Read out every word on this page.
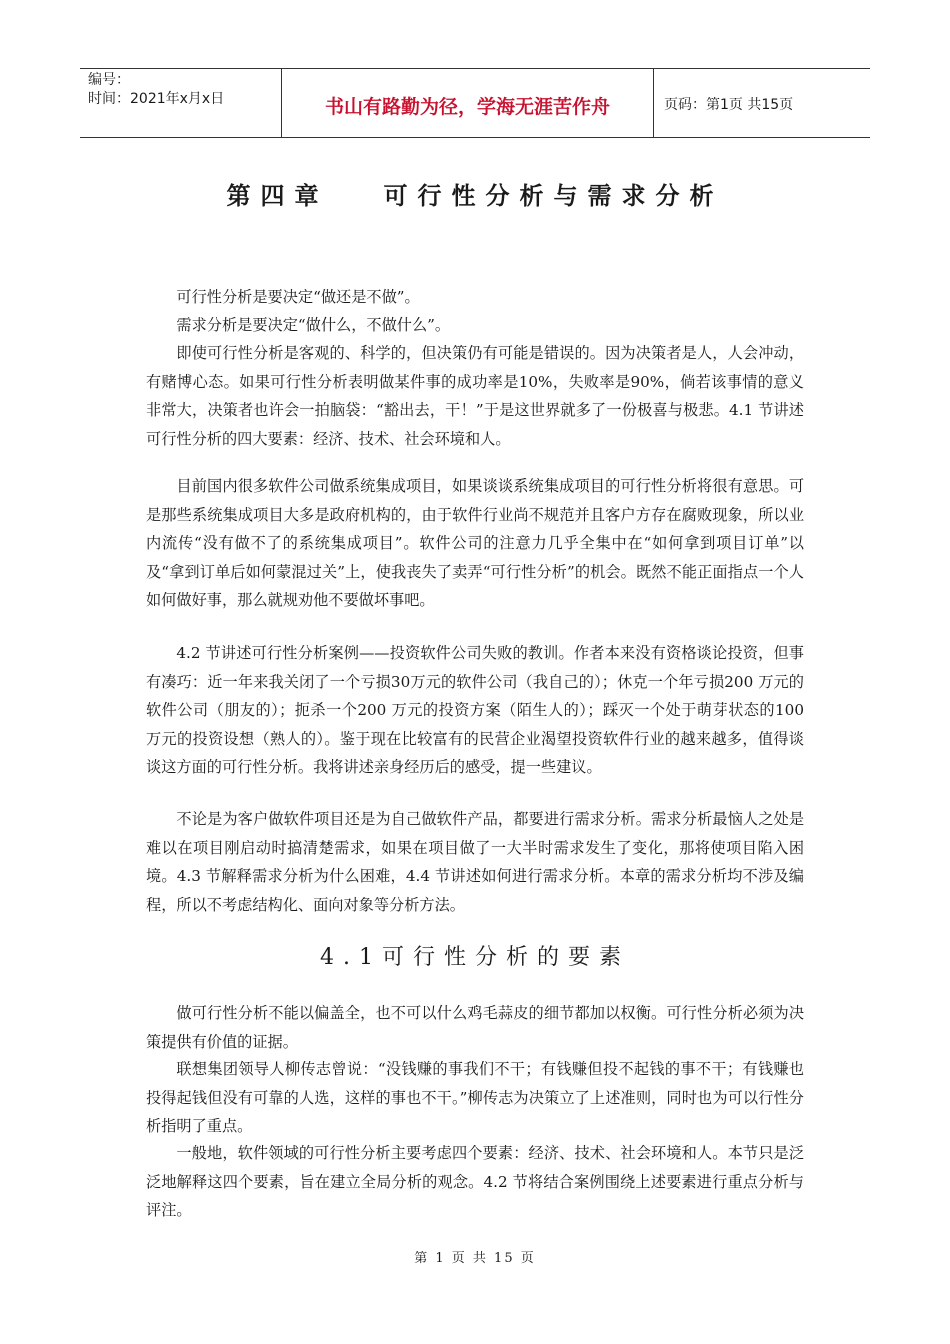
编号：
时间：2021年x月x日	书山有路勤为径，学海无涯苦作舟	页码：第1页 共15页
第四章   可行性分析与需求分析

可行性分析是要决定“做还是不做”。

需求分析是要决定“做什么，不做什么”。

即使可行性分析是客观的、科学的，但决策仍有可能是错误的。因为决策者是人，人会冲动，有赌博心态。如果可行性分析表明做某件事的成功率是10%，失败率是90%，倘若该事情的意义非常大，决策者也许会一拍脑袋：“豁出去，干！”于是这世界就多了一份极喜与极悲。4.1 节讲述可行性分析的四大要素：经济、技术、社会环境和人。

目前国内很多软件公司做系统集成项目，如果谈谈系统集成项目的可行性分析将很有意思。可是那些系统集成项目大多是政府机构的，由于软件行业尚不规范并且客户方存在腐败现象，所以业内流传“没有做不了的系统集成项目”。软件公司的注意力几乎全集中在“如何拿到项目订单”以及“拿到订单后如何蒙混过关”上，使我丧失了卖弄“可行性分析”的机会。既然不能正面指点一个人如何做好事，那么就规劝他不要做坏事吧。

4.2 节讲述可行性分析案例——投资软件公司失败的教训。作者本来没有资格谈论投资，但事有凑巧：近一年来我关闭了一个亏损30万元的软件公司（我自己的）；休克一个年亏损200 万元的软件公司（朋友的）；扼杀一个200 万元的投资方案（陌生人的）；踩灭一个处于萌芽状态的100 万元的投资设想（熟人的）。鉴于现在比较富有的民营企业渴望投资软件行业的越来越多，值得谈谈这方面的可行性分析。我将讲述亲身经历后的感受，提一些建议。

不论是为客户做软件项目还是为自己做软件产品，都要进行需求分析。需求分析最恼人之处是难以在项目刚启动时搞清楚需求，如果在项目做了一大半时需求发生了变化，那将使项目陷入困境。4.3 节解释需求分析为什么困难，4.4 节讲述如何进行需求分析。本章的需求分析均不涉及编程，所以不考虑结构化、面向对象等分析方法。

4.1可行性分析的要素

做可行性分析不能以偏盖全，也不可以什么鸡毛蒜皮的细节都加以权衡。可行性分析必须为决策提供有价值的证据。

联想集团领导人柳传志曾说：“没钱赚的事我们不干；有钱赚但投不起钱的事不干；有钱赚也投得起钱但没有可靠的人选，这样的事也不干。”柳传志为决策立了上述准则，同时也为可以行性分析指明了重点。

一般地，软件领域的可行性分析主要考虑四个要素：经济、技术、社会环境和人。本节只是泛泛地解释这四个要素，旨在建立全局分析的观念。4.2 节将结合案例围绕上述要素进行重点分析与评注。

第 1 页 共 15 页
